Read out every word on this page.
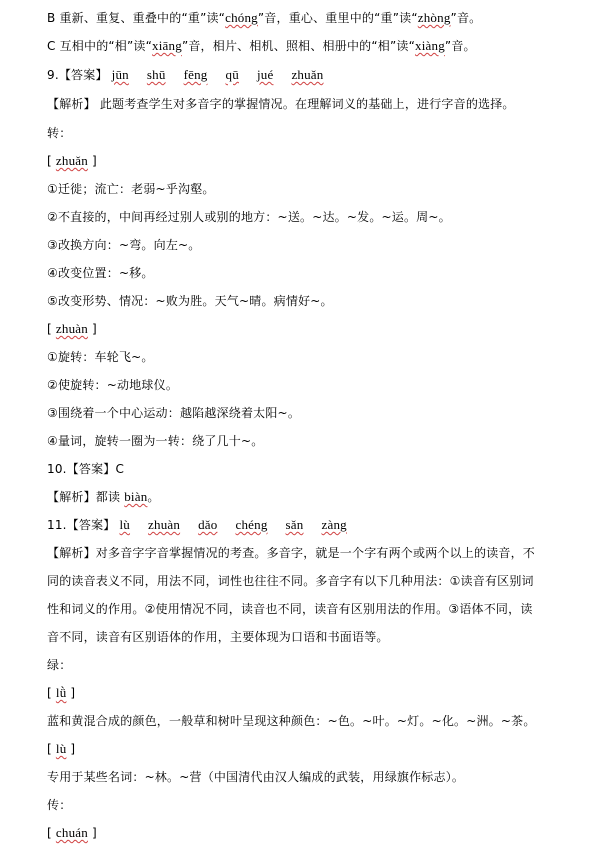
B 重新、重复、重叠中的“重”读“chóng”音，重心、重里中的“重”读“zhòng”音。
C 互相中的“相”读“xiāng”音，相片、相机、照相、相册中的“相”读“xiàng”音。
9.【答案】 jūn shū fēng qū jué zhuǎn
【解析】 此题考查学生对多音字的掌握情况。在理解词义的基础上，进行字音的选择。
转：
[ zhuǎn ]
①迁徙；流亡：老弱~乎沟壑。
②不直接的，中间再经过别人或别的地方：~送。~达。~发。~运。周~。
③改换方向：~弯。向左~。
④改变位置：~移。
⑤改变形势、情况：~败为胜。天气~晴。病情好~。
[ zhuàn ]
①旋转：车轮飞~。
②使旋转：~动地球仪。
③围绕着一个中心运动：越陷越深绕着太阳~。
④量词，旋转一圈为一转：绕了几十~。
10.【答案】C
【解析】都读 biàn。
11.【答案】 lù zhuàn dǎo chéng sǎn zàng
【解析】对多音字字音掌握情况的考查。多音字，就是一个字有两个或两个以上的读音，不
同的读音表义不同，用法不同，词性也往往不同。多音字有以下几种用法：①读音有区别词
性和词义的作用。②使用情况不同，读音也不同，读音有区别用法的作用。③语体不同，读
音不同，读音有区别语体的作用，主要体现为口语和书面语等。
绿：
[ lǜ ]
蓝和黄混合成的颜色，一般草和树叶呈现这种颜色：~色。~叶。~灯。~化。~洲。~茶。
[ lù ]
专用于某些名词：~林。~营（中国清代由汉人编成的武装，用绿旗作标志）。
传：
[ chuán ]
